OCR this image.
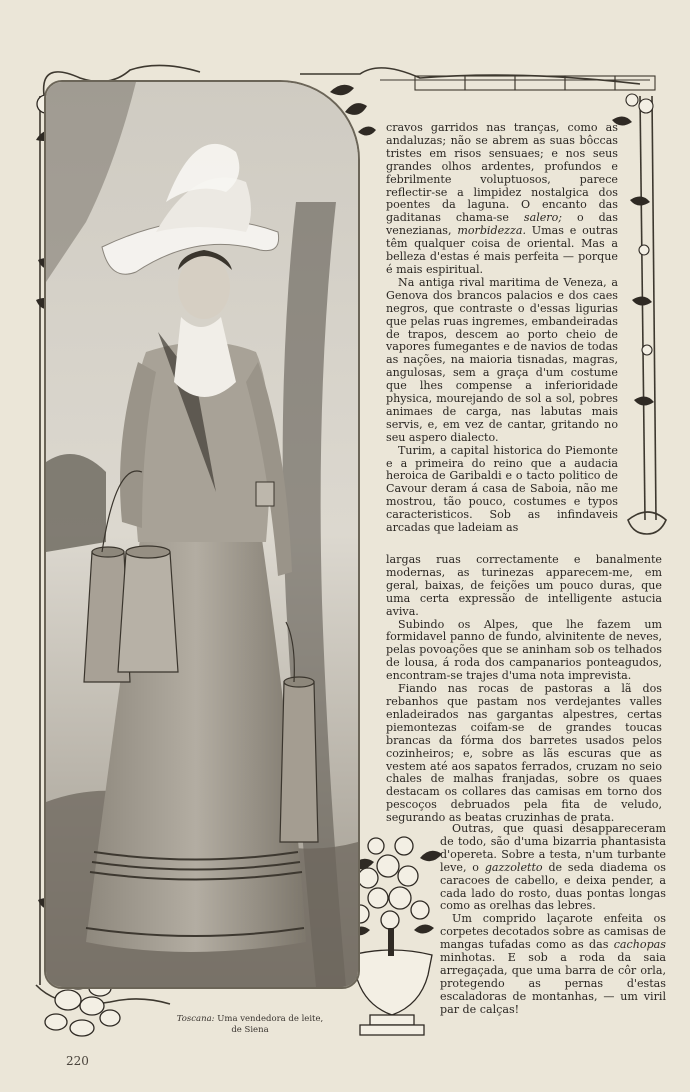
Toscana: Uma vendedora de leite,
de Siena

cravos garridos nas tranças, como as andaluzas; não se abrem as suas bôccas tristes em risos sensuaes; e nos seus grandes olhos ardentes, profundos e febrilmente voluptuosos, parece reflectir-se a limpidez nostalgica dos poentes da laguna. O encanto das gaditanas chama-se salero; o das venezianas, morbidezza. Umas e outras têm qualquer coisa de oriental. Mas a belleza d'estas é mais perfeita — porque é mais espiritual.

Na antiga rival maritima de Veneza, a Genova dos brancos palacios e dos caes negros, que contraste o d'essas ligurias que pelas ruas ingremes, embandeiradas de trapos, descem ao porto cheio de vapores fumegantes e de navios de todas as nações, na maioria tisnadas, magras, angulosas, sem a graça d'um costume que lhes compense a inferioridade physica, mourejando de sol a sol, pobres animaes de carga, nas labutas mais servis, e, em vez de cantar, gritando no seu aspero dialecto.

Turim, a capital historica do Piemonte e a primeira do reino que a audacia heroica de Garibaldi e o tacto politico de Cavour deram á casa de Saboia, não me mostrou, tão pouco, costumes e typos caracteristicos. Sob as infindaveis arcadas que ladeiam as

largas ruas correctamente e banalmente modernas, as turinezas apparecem-me, em geral, baixas, de feições um pouco duras, que uma certa expressão de intelligente astucia aviva.

Subindo os Alpes, que lhe fazem um formidavel panno de fundo, alvinitente de neves, pelas povoações que se aninham sob os telhados de lousa, á roda dos campanarios ponteagudos, encontram-se trajes d'uma nota imprevista.

Fiando nas rocas de pastoras a lã dos rebanhos que pastam nos verdejantes valles enladeirados nas gargantas alpestres, certas piemontezas coifam-se de grandes toucas brancas da fórma dos barretes usados pelos cozinheiros; e, sobre as lãs escuras que as vestem até aos sapatos ferrados, cruzam no seio chales de malhas franjadas, sobre os quaes destacam os collares das camisas em torno dos pescoços debruados pela fita de veludo, segurando as beatas cruzinhas de prata.

Outras, que quasi desappareceram de todo, são d'uma bizarria phantasista d'opereta. Sobre a testa, n'um turbante leve, o gazzoletto de seda diadema os caracoes de cabello, e deixa pender, a cada lado do rosto, duas pontas longas como as orelhas das lebres.

Um comprido laçarote enfeita os corpetes decotados sobre as camisas de mangas tufadas como as das cachopas minhotas. E sob a roda da saia arregaçada, que uma barra de côr orla, protegendo as pernas d'estas escaladoras de montanhas, — um viril par de calças!

220
